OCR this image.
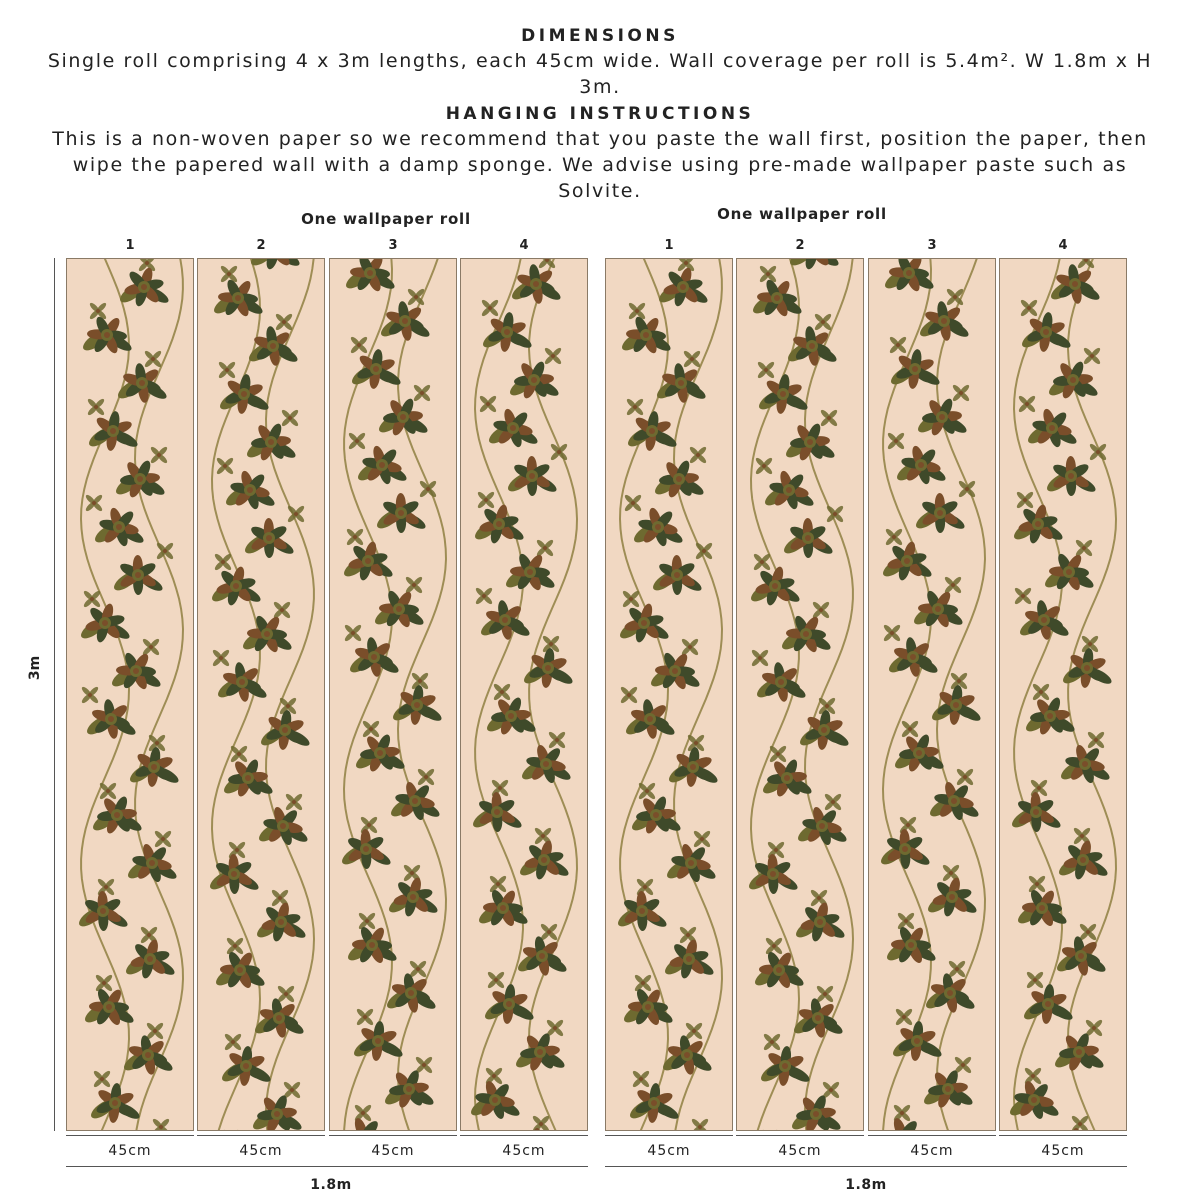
DIMENSIONS
Single roll comprising 4 x 3m lengths, each 45cm wide. Wall coverage per roll is 5.4m². W 1.8m x H 3m.
HANGING INSTRUCTIONS
This is a non-woven paper so we recommend that you paste the wall first, position the paper, then wipe the papered wall with a damp sponge. We advise using pre-made wallpaper paste such as Solvite.
One wallpaper roll
1	2	3	4
One wallpaper roll
1	2	3	4
3m
45cm	45cm	45cm	45cm	45cm	45cm	45cm	45cm
1.8m	1.8m
